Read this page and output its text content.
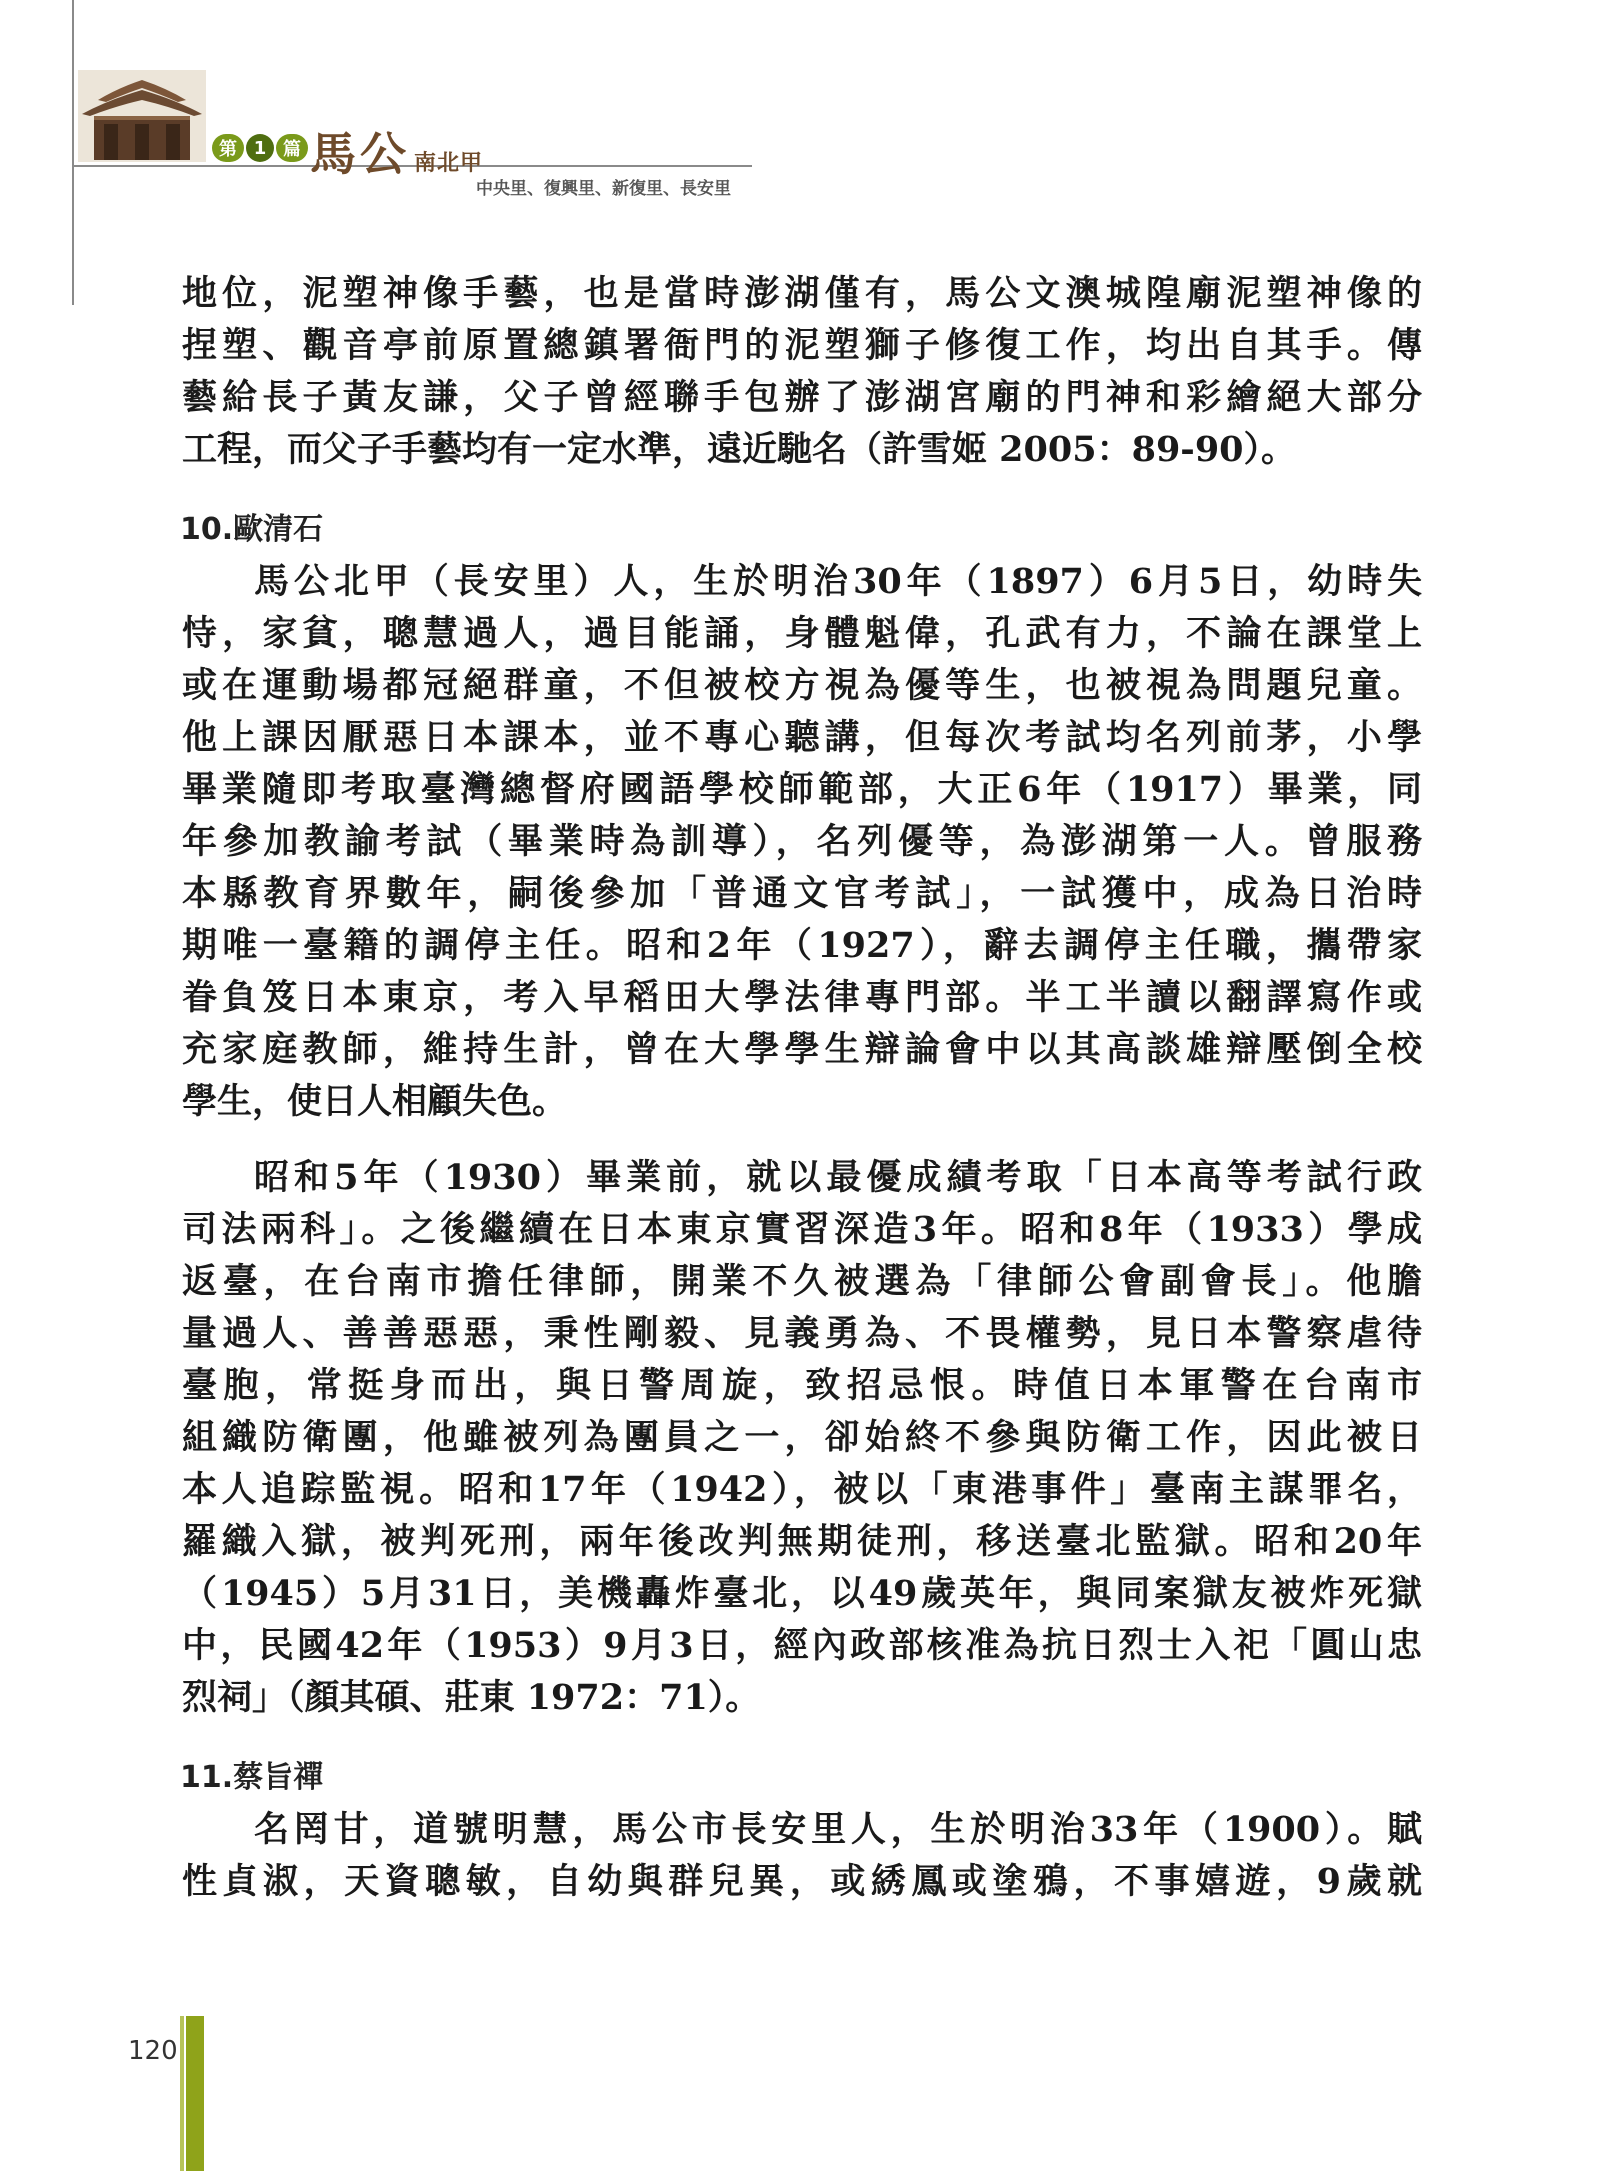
第 1 篇 馬公 南北甲
中央里、復興里、新復里、長安里
地位，泥塑神像手藝，也是當時澎湖僅有，馬公文澳城隍廟泥塑神像的
捏塑、觀音亭前原置總鎮署衙門的泥塑獅子修復工作，均出自其手。傳
藝給長子黃友謙，父子曾經聯手包辦了澎湖宮廟的門神和彩繪絕大部分
工程，而父子手藝均有一定水準，遠近馳名（許雪姬 2005：89-90）。
10.歐清石
馬公北甲（長安里）人，生於明治30年（1897）6月5日，幼時失
恃，家貧，聰慧過人，過目能誦，身體魁偉，孔武有力，不論在課堂上
或在運動場都冠絕群童，不但被校方視為優等生，也被視為問題兒童。
他上課因厭惡日本課本，並不專心聽講，但每次考試均名列前茅，小學
畢業隨即考取臺灣總督府國語學校師範部，大正6年（1917）畢業，同
年參加教諭考試（畢業時為訓導），名列優等，為澎湖第一人。曾服務
本縣教育界數年，嗣後參加「普通文官考試」，一試獲中，成為日治時
期唯一臺籍的調停主任。昭和2年（1927），辭去調停主任職，攜帶家
眷負笈日本東京，考入早稻田大學法律專門部。半工半讀以翻譯寫作或
充家庭教師，維持生計，曾在大學學生辯論會中以其高談雄辯壓倒全校
學生，使日人相顧失色。
昭和5年（1930）畢業前，就以最優成績考取「日本高等考試行政
司法兩科」。之後繼續在日本東京實習深造3年。昭和8年（1933）學成
返臺，在台南市擔任律師，開業不久被選為「律師公會副會長」。他膽
量過人、善善惡惡，秉性剛毅、見義勇為、不畏權勢，見日本警察虐待
臺胞，常挺身而出，與日警周旋，致招忌恨。時值日本軍警在台南市
組織防衛團，他雖被列為團員之一，卻始終不參與防衛工作，因此被日
本人追踪監視。昭和17年（1942），被以「東港事件」臺南主謀罪名，
羅織入獄，被判死刑，兩年後改判無期徒刑，移送臺北監獄。昭和20年
（1945）5月31日，美機轟炸臺北，以49歲英年，與同案獄友被炸死獄
中，民國42年（1953）9月3日，經內政部核准為抗日烈士入祀「圓山忠
烈祠」（顏其碩、莊東 1972：71）。
11.蔡旨禪
名罔甘，道號明慧，馬公市長安里人，生於明治33年（1900）。賦
性貞淑，天資聰敏，自幼與群兒異，或綉鳳或塗鴉，不事嬉遊，9歲就
120
